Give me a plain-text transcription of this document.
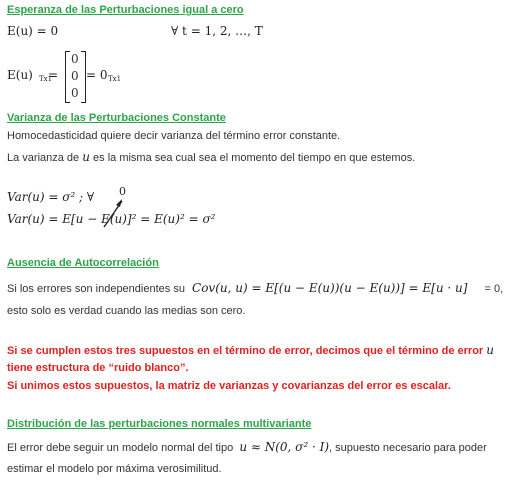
Esperanza de las Perturbaciones igual a cero
E(u) = 0	∀ t = 1, 2, …, T
E(u) Tx1
=
0
0
0
= 0 Tx1
Varianza de las Perturbaciones Constante
Homocedasticidad quiere decir varianza del término error constante.
La varianza de u es la misma sea cual sea el momento del tiempo en que estemos.
Var(u) = σ² ; ∀ 0
Var(u) = E[u − E(u)]² = E(u)² = σ²
Ausencia de Autocorrelación
Si los errores son independientes su Cov(u, u) = E[(u − E(u))(u − E(u))] = E[u · u] = 0,
esto solo es verdad cuando las medias son cero.
Si se cumplen estos tres supuestos en el término de error, decimos que el término de error u
tiene estructura de “ruido blanco”.
Si unimos estos supuestos, la matriz de varianzas y covarianzas del error es escalar.
Distribución de las perturbaciones normales multivariante
El error debe seguir un modelo normal del tipo u ≈ N(0, σ² · I), supuesto necesario para poder
estimar el modelo por máxima verosimilitud.
